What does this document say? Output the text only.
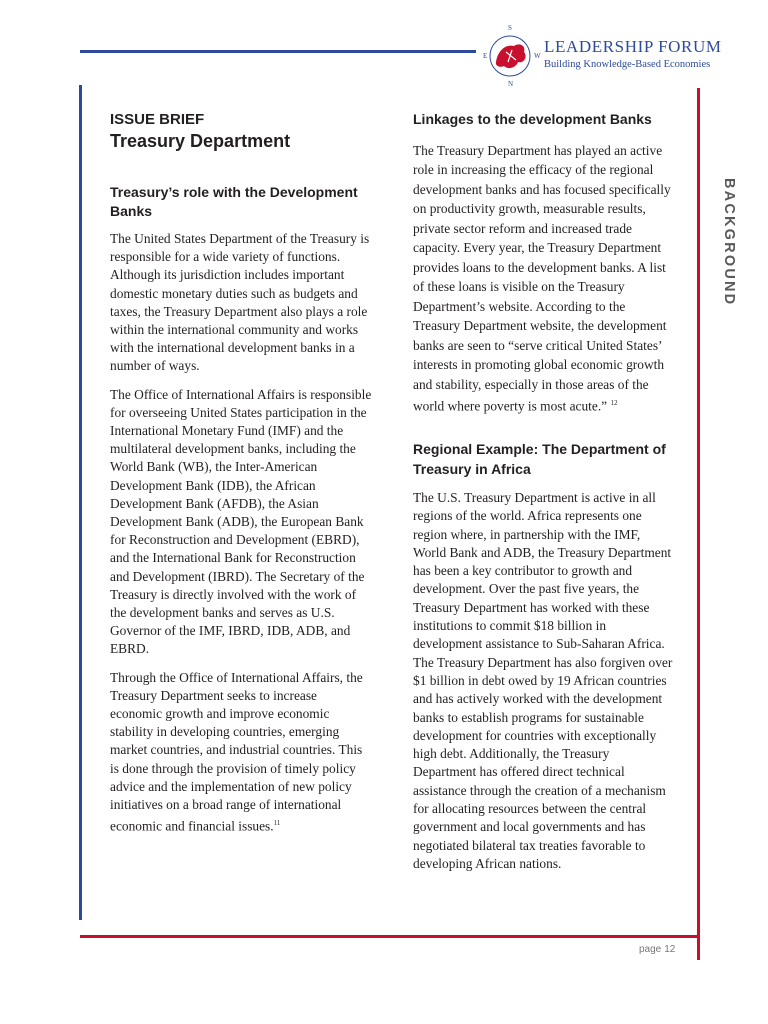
S
E	W
N
LEADERSHIP FORUM
Building Knowledge-Based Economies
BACKGROUND
ISSUE BRIEF
Treasury Department
Treasury’s role with the Development Banks

The United States Department of the Treasury is responsible for a wide variety of functions. Although its jurisdiction includes important domestic monetary duties such as budgets and taxes, the Treasury Department also plays a role within the international community and works with the international development banks in a number of ways.

The Office of International Affairs is responsible for overseeing United States participation in the International Monetary Fund (IMF) and the multilateral development banks, including the World Bank (WB), the Inter-American Development Bank (IDB), the African Development Bank (AFDB), the Asian Development Bank (ADB), the European Bank for Reconstruction and Development (EBRD), and the International Bank for Reconstruction and Development (IBRD). The Secretary of the Treasury is directly involved with the work of the development banks and serves as U.S. Governor of the IMF, IBRD, IDB, ADB, and EBRD.

Through the Office of International Affairs, the Treasury Department seeks to increase economic growth and improve economic stability in developing countries, emerging market countries, and industrial countries. This is done through the provision of timely policy advice and the implementation of new policy initiatives on a broad range of international economic and financial issues.$^{11}$

Linkages to the development Banks

The Treasury Department has played an active role in increasing the efficacy of the regional development banks and has focused specifically on productivity growth, measurable results, private sector reform and increased trade capacity. Every year, the Treasury Department provides loans to the development banks. A list of these loans is visible on the Treasury Department’s website. According to the Treasury Department website, the development banks are seen to “serve critical United States’ interests in promoting global economic growth and stability, especially in those areas of the world where poverty is most acute.” $^{12}$

Regional Example: The Department of Treasury in Africa

The U.S. Treasury Department is active in all regions of the world. Africa represents one region where, in partnership with the IMF, World Bank and ADB, the Treasury Department has been a key contributor to growth and development. Over the past five years, the Treasury Department has worked with these institutions to commit $18 billion in development assistance to Sub-Saharan Africa. The Treasury Department has also forgiven over $1 billion in debt owed by 19 African countries and has actively worked with the development banks to establish programs for sustainable development for countries with exceptionally high debt. Additionally, the Treasury Department has offered direct technical assistance through the creation of a mechanism for allocating resources between the central government and local governments and has negotiated bilateral tax treaties favorable to developing African nations.

page 12
